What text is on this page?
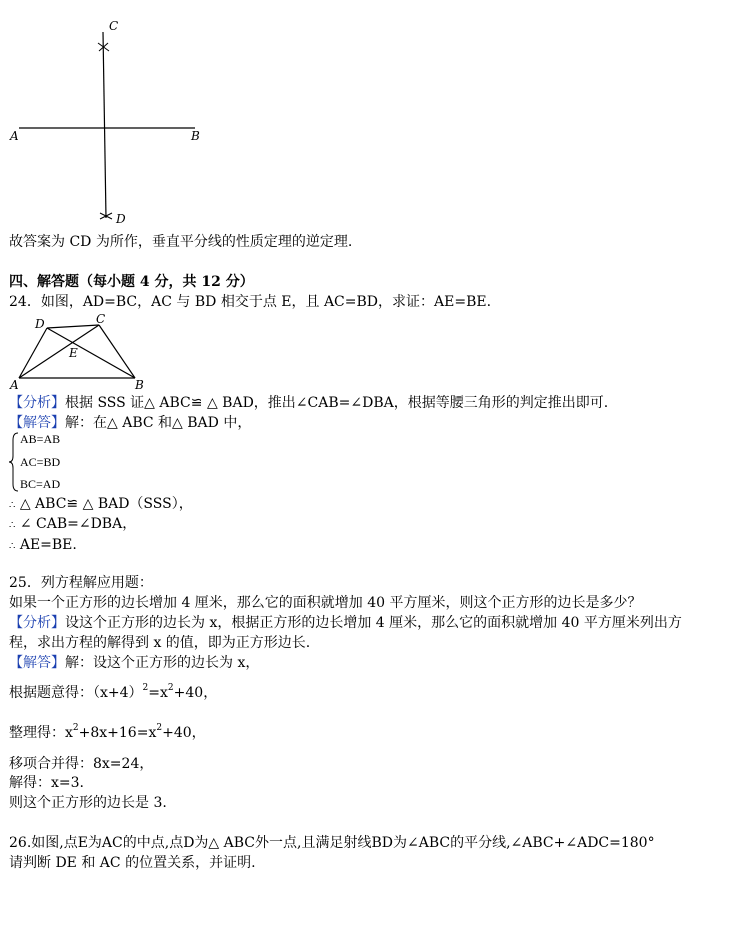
C
A	B
D
故答案为 CD 为所作，垂直平分线的性质定理的逆定理.
四、解答题（每小题 4 分，共 12 分）
24．如图，AD=BC，AC 与 BD 相交于点 E，且 AC=BD，求证：AE=BE.
D	C
E
A	B
【分析】根据 SSS 证△ ABC≌ △ BAD，推出∠CAB=∠DBA，根据等腰三角形的判定推出即可.
【解答】解：在△ ABC 和△ BAD 中，
AB=AB
AC=BD
BC=AD
∴ △ ABC≌ △ BAD（SSS），
∴ ∠ CAB=∠DBA，
∴ AE=BE.
25．列方程解应用题：
如果一个正方形的边长增加 4 厘米，那么它的面积就增加 40 平方厘米，则这个正方形的边长是多少？
【分析】设这个正方形的边长为 x，根据正方形的边长增加 4 厘米，那么它的面积就增加 40 平方厘米列出方
程，求出方程的解得到 x 的值，即为正方形边长.
【解答】解：设这个正方形的边长为 x，
根据题意得：$(x+4)^2=x^2+40$，
整理得：$x^2+8x+16=x^2+40$，
移项合并得：8x=24，
解得：x=3.
则这个正方形的边长是 3.
26.如图,点E为AC的中点,点D为△ ABC外一点,且满足射线BD为∠ABC的平分线,∠ABC+∠ADC=180°
请判断 DE 和 AC 的位置关系，并证明.
